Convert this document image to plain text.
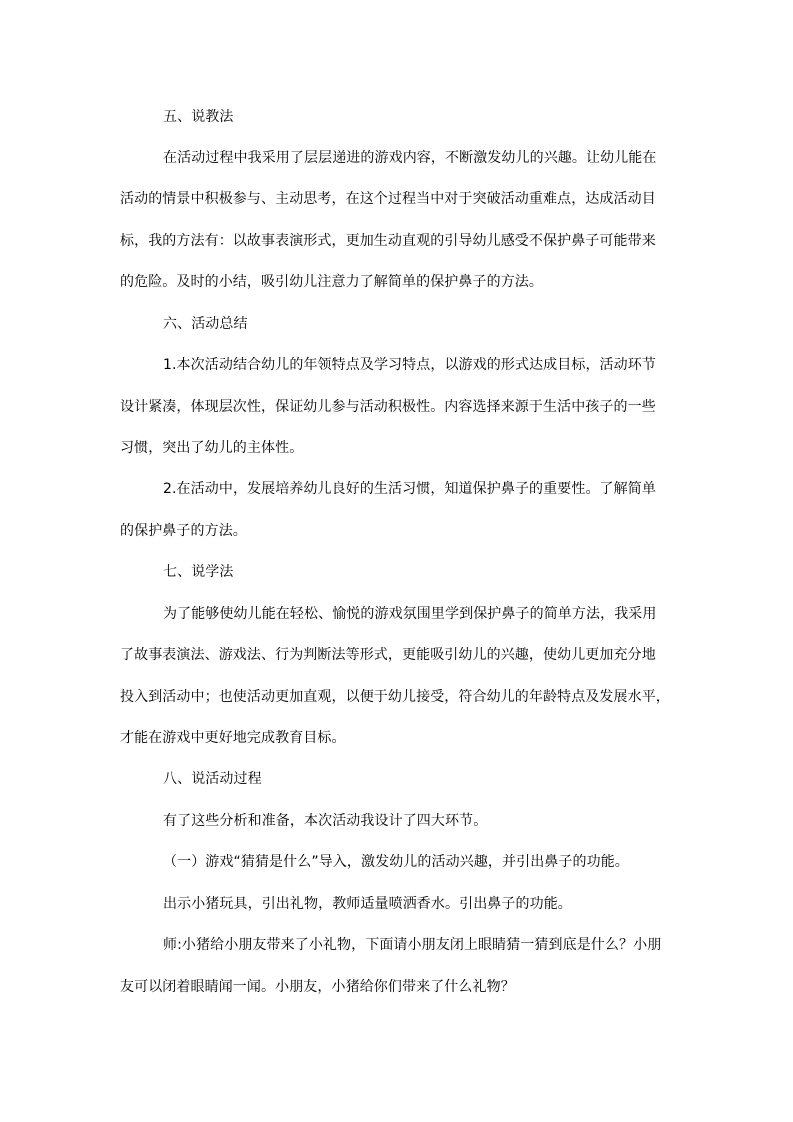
五、说教法
在活动过程中我采用了层层递进的游戏内容，不断激发幼儿的兴趣。让幼儿能在
活动的情景中积极参与、主动思考，在这个过程当中对于突破活动重难点，达成活动目
标，我的方法有：以故事表演形式，更加生动直观的引导幼儿感受不保护鼻子可能带来
的危险。及时的小结，吸引幼儿注意力了解简单的保护鼻子的方法。
六、活动总结
1.本次活动结合幼儿的年领特点及学习特点，以游戏的形式达成目标，活动环节
设计紧凑，体现层次性，保证幼儿参与活动积极性。内容选择来源于生活中孩子的一些
习惯，突出了幼儿的主体性。
2.在活动中，发展培养幼儿良好的生活习惯，知道保护鼻子的重要性。了解简单
的保护鼻子的方法。
七、说学法
为了能够使幼儿能在轻松、愉悦的游戏氛围里学到保护鼻子的简单方法，我采用
了故事表演法、游戏法、行为判断法等形式，更能吸引幼儿的兴趣，使幼儿更加充分地
投入到活动中；也使活动更加直观，以便于幼儿接受，符合幼儿的年龄特点及发展水平，
才能在游戏中更好地完成教育目标。
八、说活动过程
有了这些分析和准备，本次活动我设计了四大环节。
（一）游戏“猜猜是什么”导入，激发幼儿的活动兴趣，并引出鼻子的功能。
出示小猪玩具，引出礼物，教师适量喷洒香水。引出鼻子的功能。
师:小猪给小朋友带来了小礼物，下面请小朋友闭上眼睛猜一猜到底是什么？小朋
友可以闭着眼睛闻一闻。小朋友，小猪给你们带来了什么礼物？
